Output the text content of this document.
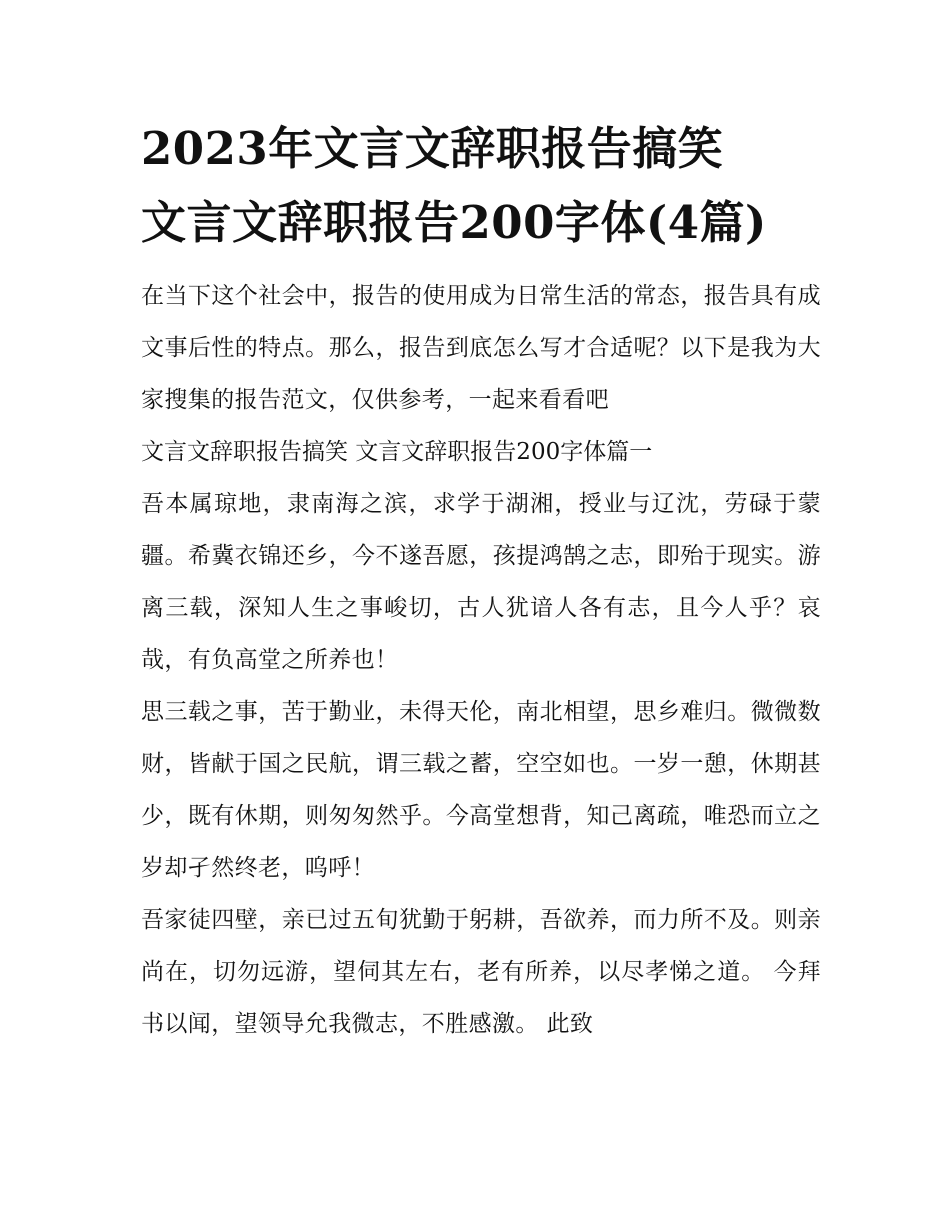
2023年文言文辞职报告搞笑 文言文辞职报告200字体(4篇)

在当下这个社会中，报告的使用成为日常生活的常态，报告具有成文事后性的特点。那么，报告到底怎么写才合适呢？以下是我为大家搜集的报告范文，仅供参考，一起来看看吧

文言文辞职报告搞笑 文言文辞职报告200字体篇一

吾本属琼地，隶南海之滨，求学于湖湘，授业与辽沈，劳碌于蒙疆。希冀衣锦还乡，今不遂吾愿，孩提鸿鹄之志，即殆于现实。游离三载，深知人生之事峻切，古人犹谙人各有志，且今人乎？哀哉，有负高堂之所养也！

思三载之事，苦于勤业，未得天伦，南北相望，思乡难归。微微数财，皆献于国之民航，谓三载之蓄，空空如也。一岁一憩，休期甚少，既有休期，则匆匆然乎。今高堂想背，知己离疏，唯恐而立之岁却孑然终老，呜呼！

吾家徒四壁，亲已过五旬犹勤于躬耕，吾欲养，而力所不及。则亲尚在，切勿远游，望伺其左右，老有所养，以尽孝悌之道。 今拜书以闻，望领导允我微志，不胜感激。 此致
